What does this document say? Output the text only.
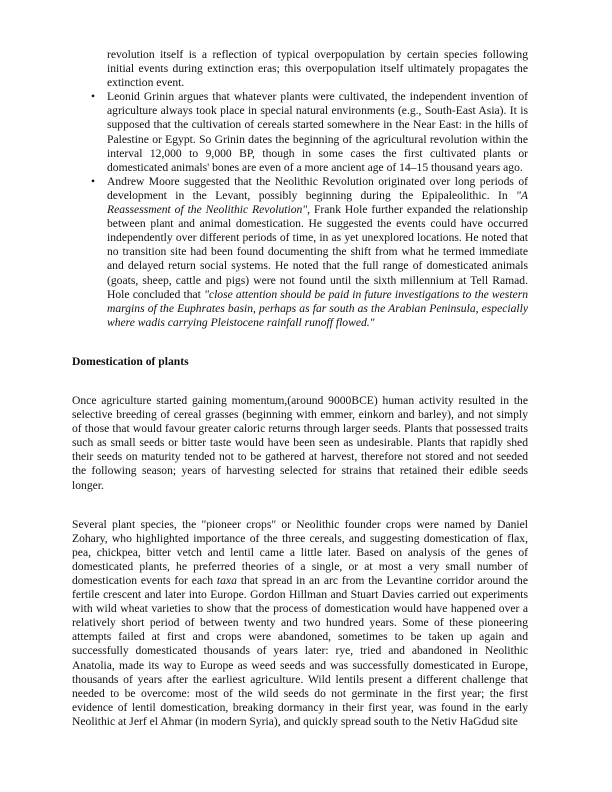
revolution itself is a reflection of typical overpopulation by certain species following initial events during extinction eras; this overpopulation itself ultimately propagates the extinction event.

• Leonid Grinin argues that whatever plants were cultivated, the independent invention of agriculture always took place in special natural environments (e.g., South-East Asia). It is supposed that the cultivation of cereals started somewhere in the Near East: in the hills of Palestine or Egypt. So Grinin dates the beginning of the agricultural revolution within the interval 12,000 to 9,000 BP, though in some cases the first cultivated plants or domesticated animals' bones are even of a more ancient age of 14–15 thousand years ago.
• Andrew Moore suggested that the Neolithic Revolution originated over long periods of development in the Levant, possibly beginning during the Epipaleolithic. In "A Reassessment of the Neolithic Revolution", Frank Hole further expanded the relationship between plant and animal domestication. He suggested the events could have occurred independently over different periods of time, in as yet unexplored locations. He noted that no transition site had been found documenting the shift from what he termed immediate and delayed return social systems. He noted that the full range of domesticated animals (goats, sheep, cattle and pigs) were not found until the sixth millennium at Tell Ramad. Hole concluded that "close attention should be paid in future investigations to the western margins of the Euphrates basin, perhaps as far south as the Arabian Peninsula, especially where wadis carrying Pleistocene rainfall runoff flowed."
Domestication of plants

Once agriculture started gaining momentum,(around 9000BCE) human activity resulted in the selective breeding of cereal grasses (beginning with emmer, einkorn and barley), and not simply of those that would favour greater caloric returns through larger seeds. Plants that possessed traits such as small seeds or bitter taste would have been seen as undesirable. Plants that rapidly shed their seeds on maturity tended not to be gathered at harvest, therefore not stored and not seeded the following season; years of harvesting selected for strains that retained their edible seeds longer.

Several plant species, the "pioneer crops" or Neolithic founder crops were named by Daniel Zohary, who highlighted importance of the three cereals, and suggesting domestication of flax, pea, chickpea, bitter vetch and lentil came a little later. Based on analysis of the genes of domesticated plants, he preferred theories of a single, or at most a very small number of domestication events for each taxa that spread in an arc from the Levantine corridor around the fertile crescent and later into Europe. Gordon Hillman and Stuart Davies carried out experiments with wild wheat varieties to show that the process of domestication would have happened over a relatively short period of between twenty and two hundred years. Some of these pioneering attempts failed at first and crops were abandoned, sometimes to be taken up again and successfully domesticated thousands of years later: rye, tried and abandoned in Neolithic Anatolia, made its way to Europe as weed seeds and was successfully domesticated in Europe, thousands of years after the earliest agriculture. Wild lentils present a different challenge that needed to be overcome: most of the wild seeds do not germinate in the first year; the first evidence of lentil domestication, breaking dormancy in their first year, was found in the early Neolithic at Jerf el Ahmar (in modern Syria), and quickly spread south to the Netiv HaGdud site
